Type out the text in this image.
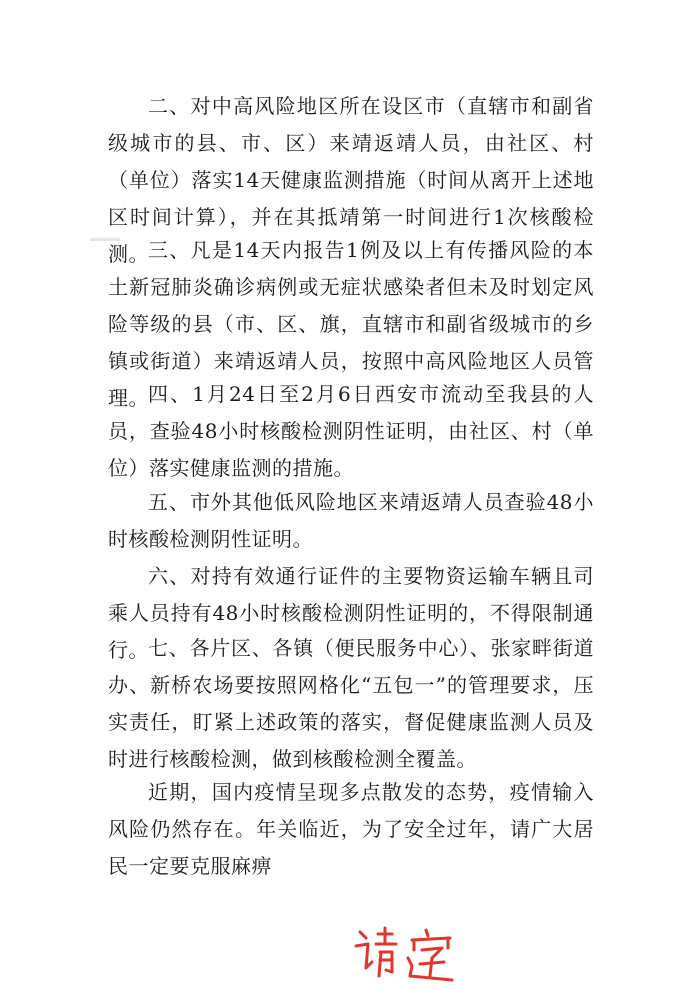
二、对中高风险地区所在设区市（直辖市和副省级城市的县、市、区）来靖返靖人员，由社区、村（单位）落实14天健康监测措施（时间从离开上述地区时间计算），并在其抵靖第一时间进行1次核酸检测。 三、凡是14天内报告1例及以上有传播风险的本土新冠肺炎确诊病例或无症状感染者但未及时划定风险等级的县（市、区、旗，直辖市和副省级城市的乡镇或街道）来靖返靖人员，按照中高风险地区人员管理。 四、1月24日至2月6日西安市流动至我县的人员，查验48小时核酸检测阴性证明，由社区、村（单位）落实健康监测的措施。

五、市外其他低风险地区来靖返靖人员查验48小时核酸检测阴性证明。

六、对持有效通行证件的主要物资运输车辆且司乘人员持有48小时核酸检测阴性证明的，不得限制通行。 七、各片区、各镇（便民服务中心）、张家畔街道办、新桥农场要按照网格化“五包一”的管理要求，压实责任，盯紧上述政策的落实，督促健康监测人员及时进行核酸检测，做到核酸检测全覆盖。

近期，国内疫情呈现多点散发的态势，疫情输入风险仍然存在。年关临近，为了安全过年，请广大居民一定要克服麻痹
